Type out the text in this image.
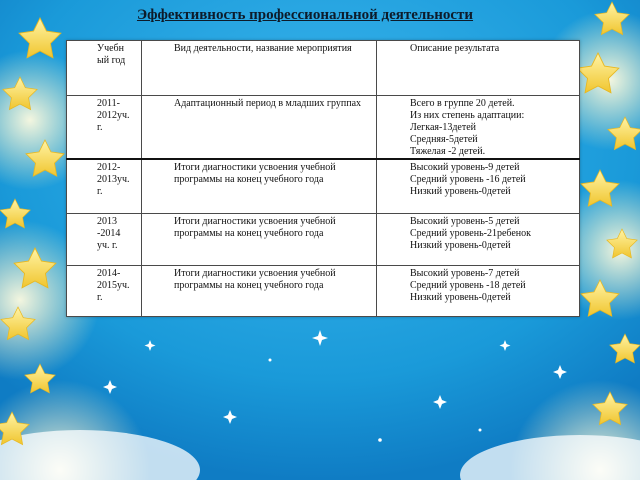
Эффективность профессиональной деятельности
Учебн
ый год	Вид деятельности, название мероприятия	Описание результата

2011-
2012уч.
г.	Адаптационный период в младших группах	Всего в группе 20 детей.
Из них степень адаптации:
Легкая-13детей
Средняя-5детей
Тяжелая -2 детей.

2012-
2013уч.
г.	Итоги диагностики усвоения учебной программы на конец учебного года	Высокий уровень-9 детей
Средний уровень -16 детей
Низкий уровень-0детей

2013
-2014
уч. г.	Итоги диагностики усвоения учебной программы на конец учебного года	Высокий уровень-5 детей
Средний уровень-21ребенок
Низкий уровень-0детей

2014-
2015уч.
г.	Итоги диагностики усвоения учебной программы на конец учебного года	Высокий уровень-7 детей
Средний уровень -18 детей
Низкий уровень-0детей
